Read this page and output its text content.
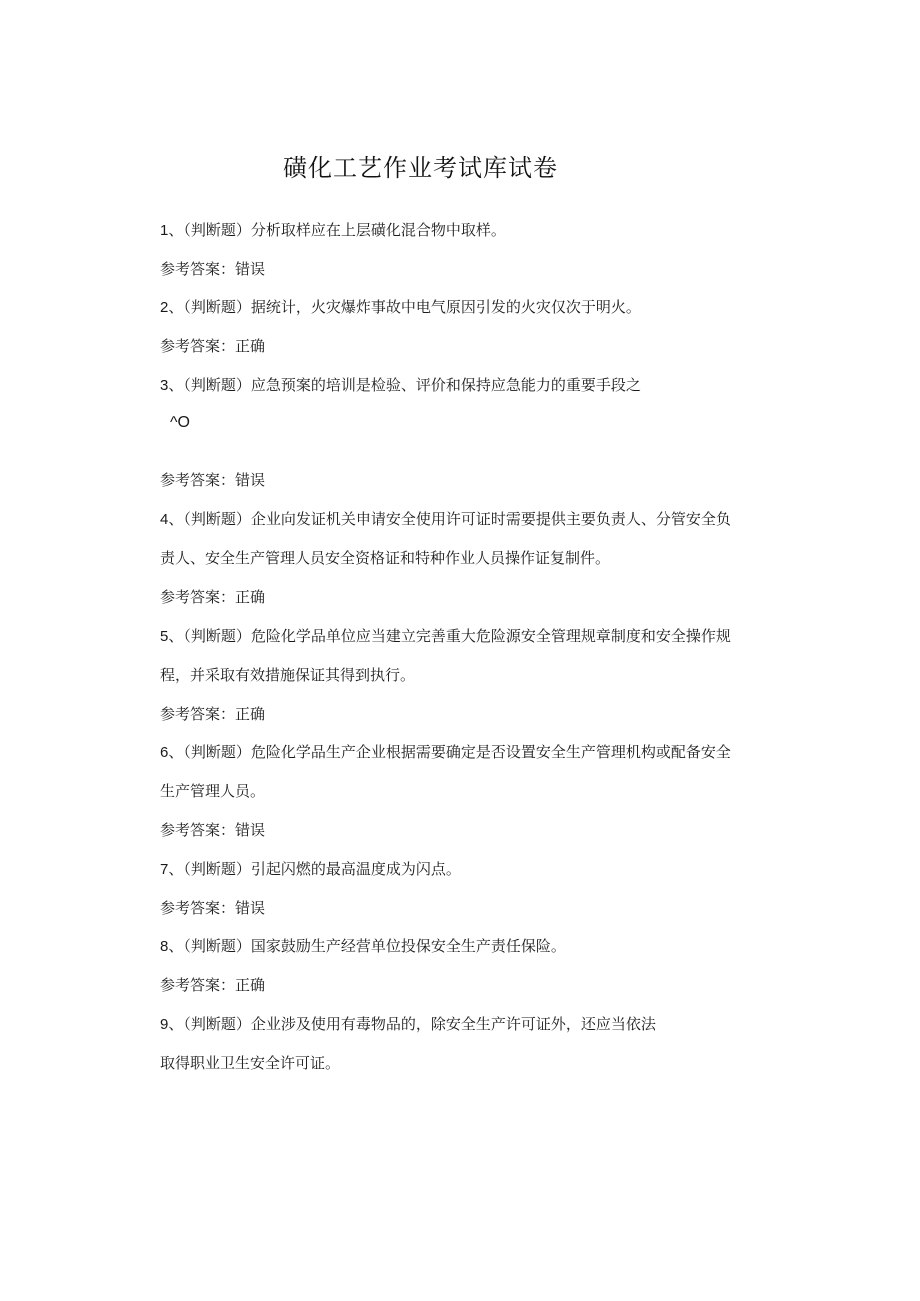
磺化工艺作业考试库试卷
1、（判断题）分析取样应在上层磺化混合物中取样。
参考答案：错误
2、（判断题）据统计，火灾爆炸事故中电气原因引发的火灾仅次于明火。
参考答案：正确
3、（判断题）应急预案的培训是检验、评价和保持应急能力的重要手段之
^O
参考答案：错误
4、（判断题）企业向发证机关申请安全使用许可证时需要提供主要负责人、分管安全负
责人、安全生产管理人员安全资格证和特种作业人员操作证复制件。
参考答案：正确
5、（判断题）危险化学品单位应当建立完善重大危险源安全管理规章制度和安全操作规
程，并采取有效措施保证其得到执行。
参考答案：正确
6、（判断题）危险化学品生产企业根据需要确定是否设置安全生产管理机构或配备安全
生产管理人员。
参考答案：错误
7、（判断题）引起闪燃的最高温度成为闪点。
参考答案：错误
8、（判断题）国家鼓励生产经营单位投保安全生产责任保险。
参考答案：正确
9、（判断题）企业涉及使用有毒物品的，除安全生产许可证外，还应当依法
取得职业卫生安全许可证。
